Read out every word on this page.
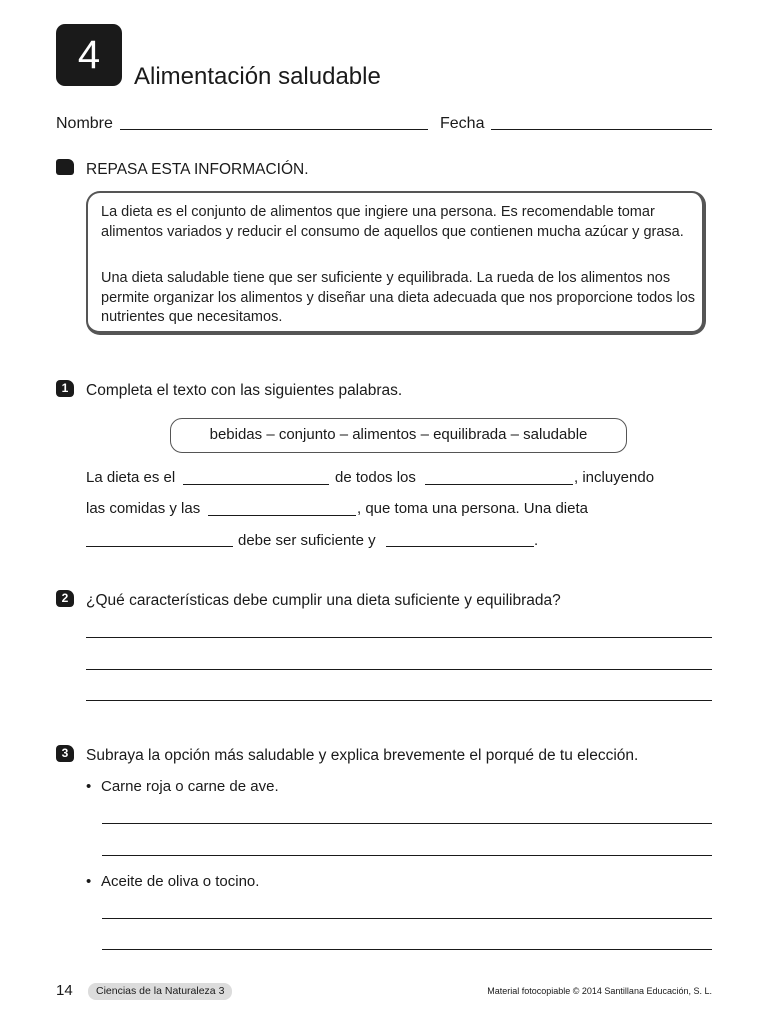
4	Alimentación saludable
Nombre	Fecha
REPASA ESTA INFORMACIÓN.
La dieta es el conjunto de alimentos que ingiere una persona. Es recomendable tomar alimentos variados y reducir el consumo de aquellos que contienen mucha azúcar y grasa.
Una dieta saludable tiene que ser suficiente y equilibrada. La rueda de los alimentos nos permite organizar los alimentos y diseñar una dieta adecuada que nos proporcione todos los nutrientes que necesitamos.
1	Completa el texto con las siguientes palabras.
bebidas – conjunto – alimentos – equilibrada – saludable
La dieta es el	de todos los	, incluyendo
las comidas y las	, que toma una persona. Una dieta
debe ser suficiente y	.
2	¿Qué características debe cumplir una dieta suficiente y equilibrada?
3	Subraya la opción más saludable y explica brevemente el porqué de tu elección.
• Carne roja o carne de ave.
• Aceite de oliva o tocino.
14	Ciencias de la Naturaleza 3	Material fotocopiable © 2014 Santillana Educación, S. L.
